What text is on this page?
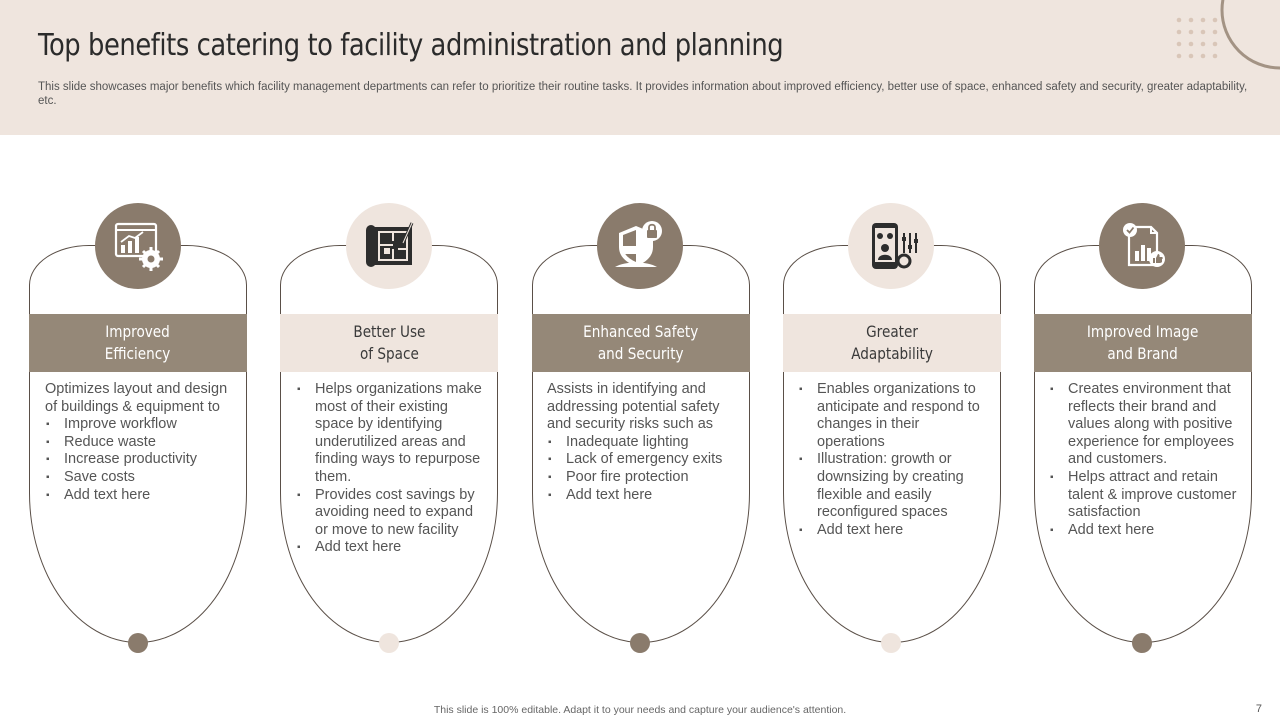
Top benefits catering to facility administration and planning

This slide showcases major benefits which facility management departments can refer to prioritize their routine tasks. It provides information about improved efficiency, better use of space, enhanced safety and security, greater adaptability, etc.

Improved
Efficiency

Optimizes layout and design of buildings & equipment to

▪ Improve workflow
▪ Reduce waste
▪ Increase productivity
▪ Save costs
▪ Add text here
Better Use
of Space
▪ Helps organizations make most of their existing space by identifying underutilized areas and finding ways to repurpose them.
▪ Provides cost savings by avoiding need to expand or move to new facility
▪ Add text here
Enhanced Safety
and Security

Assists in identifying and addressing potential safety and security risks such as

▪ Inadequate lighting
▪ Lack of emergency exits
▪ Poor fire protection
▪ Add text here
Greater
Adaptability
▪ Enables organizations to anticipate and respond to changes in their operations
▪ Illustration: growth or downsizing by creating flexible and easily reconfigured spaces
▪ Add text here
Improved Image
and Brand
▪ Creates environment that reflects their brand and values along with positive experience for employees and customers.
▪ Helps attract and retain talent & improve customer satisfaction
▪ Add text here
This slide is 100% editable. Adapt it to your needs and capture your audience's attention.	7
